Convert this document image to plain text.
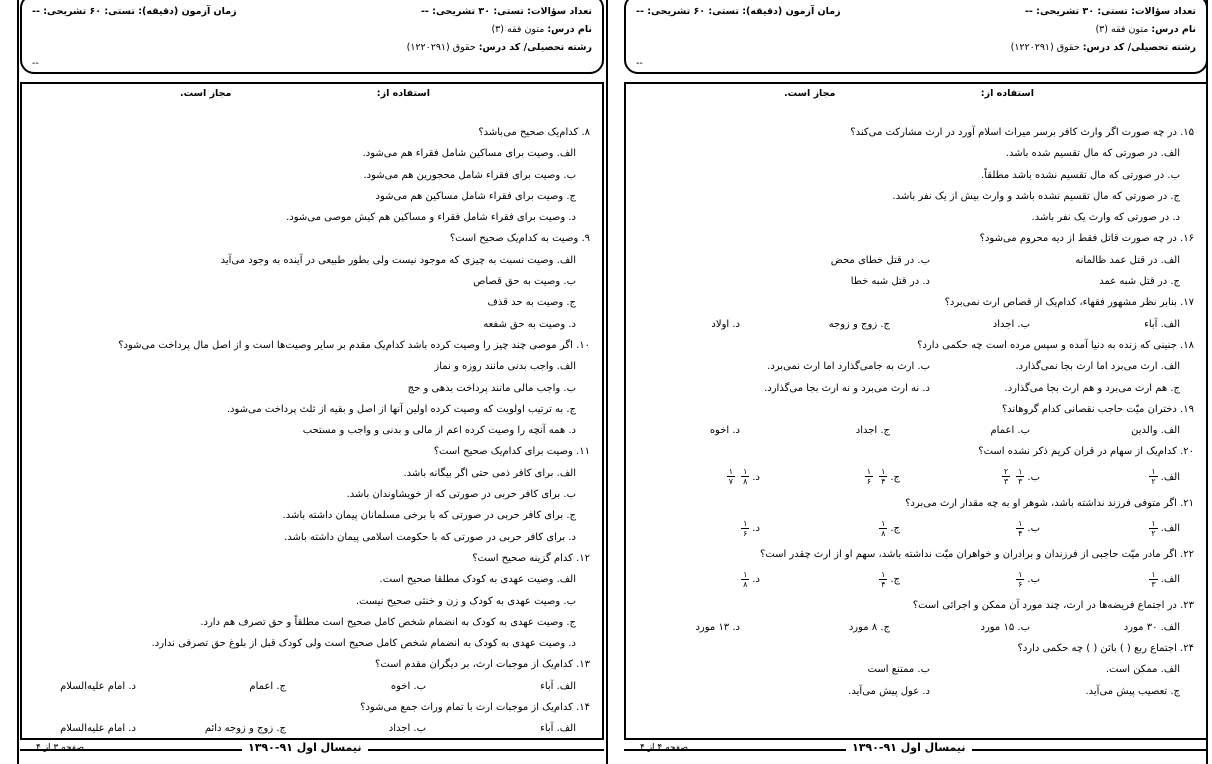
تعداد سؤالات: تستی: ۳۰ تشریحی: --
زمان آزمون (دقیقه): تستی: ۶۰ تشریحی: --
نام درس: متون فقه (۳)
رشته تحصیلی/ کد درس: حقوق (۱۲۲۰۲۹۱)
--
استفاده از:
مجاز است.
۸. کدام‌یک صحیح می‌باشد؟
الف. وصیت برای مساکین شامل فقراء هم می‌شود.
ب. وصیت برای فقراء شامل محجورین هم می‌شود.
ج. وصیت برای فقراء شامل مساکین هم می‌شود
د. وصیت برای فقراء شامل فقراء و مساکین هم کیش موصی می‌شود.
۹. وصیت به کدام‌یک صحیح است؟
الف. وصیت نسبت به چیزی که موجود نیست ولی بطور طبیعی در آینده به وجود می‌آید
ب. وصیت به حق قصاص
ج. وصیت به حد قذف
د. وصیت به حق شفعه
۱۰. اگر موصی چند چیز را وصیت کرده باشد کدام‌یک مقدم بر سایر وصیت‌ها است و از اصل مال پرداخت می‌شود؟
الف. واجب بدنی مانند روزه و نماز
ب. واجب مالی مانند پرداخت بدهی و حج
ج. به ترتیب اولویت که وصیت کرده اولین آنها از اصل و بقیه از ثلث پرداخت می‌شود.
د. همه آنچه را وصیت کرده اعم از مالی و بدنی و واجب و مستحب
۱۱. وصیت برای کدام‌یک صحیح است؟
الف. برای کافر ذمی حتی اگر بیگانه باشد.
ب. برای کافر حربی در صورتی که از خویشاوندان باشد.
ج. برای کافر حربی در صورتی که با برخی مسلمانان پیمان داشته باشد.
د. برای کافر حربی در صورتی که با حکومت اسلامی پیمان داشته باشد.
۱۲. کدام گزینه صحیح است؟
الف. وصیت عهدی به کودک مطلقا صحیح است.
ب. وصیت عهدی به کودک و زن و خنثی صحیح نیست.
ج. وصیت عهدی به کودک به انضمام شخص کامل صحیح است مطلقاً و حق تصرف هم دارد.
د. وصیت عهدی به کودک به انضمام شخص کامل صحیح است ولی کودک قبل از بلوغ حق تصرفی ندارد.
۱۳. کدام‌یک از موجبات ارث، بر دیگران مقدم است؟
الف. آباءب. اخوهج. اعمامد. امام علیه‌السلام
۱۴. کدام‌یک از موجبات ارث با تمام وراث جمع می‌شود؟
الف. آباءب. اجدادج. زوج و زوجه دائمد. امام علیه‌السلام
نیمسال اول ۹۱-۱۳۹۰
صفحه ۳ از ۴
تعداد سؤالات: تستی: ۳۰ تشریحی: --
زمان آزمون (دقیقه): تستی: ۶۰ تشریحی: --
نام درس: متون فقه (۳)
رشته تحصیلی/ کد درس: حقوق (۱۲۲۰۲۹۱)
--
استفاده از:
مجاز است.
۱۵. در چه صورت اگر وارث کافر برسر میراث اسلام آورد در ارث مشارکت می‌کند؟
الف. در صورتی که مال تقسیم شده باشد.
ب. در صورتی که مال تقسیم نشده باشد مطلقاً.
ج. در صورتی که مال تقسیم نشده باشد و وارث بیش از یک نفر باشد.
د. در صورتی که وارث یک نفر باشد.
۱۶. در چه صورت قاتل فقط از دیه محروم می‌شود؟
الف. در قتل عمد ظالمانهب. در قتل خطای محض
ج. در قتل شبه عمدد. در قتل شبه خطا
۱۷. بنابر نظر مشهور فقهاء، کدام‌یک از قصاص ارث نمی‌برد؟
الف. آباءب. اجدادج. زوج و زوجهد. اولاد
۱۸. جنینی که زنده به دنیا آمده و سپس مرده است چه حکمی دارد؟
الف. ارث می‌برد اما ارث بجا نمی‌گذارد.ب. ارث به جامی‌گذارد اما ارث نمی‌برد.
ج. هم ارث می‌برد و هم ارث بجا می‌گذارد.د. نه ارث می‌برد و نه ارث بجا می‌گذارد.
۱۹. دختران میّت حاجب نقصانی کدام گروهاند؟
الف. والدینب. اعمامج. اجدادد. اخوه
۲۰. کدام‌یک از سهام در قران کریم ذکر نشده است؟
الف.
$\frac{۱}{۲}$
ب.
$\frac{۱}{۳}$
$\frac{۲}{۳}$
ج.
$\frac{۱}{۴}$
$\frac{۱}{۶}$
د.
$\frac{۱}{۸}$
$\frac{۱}{۷}$
۲۱. اگر متوفی فرزند نداشته باشد، شوهر او به چه مقدار ارث می‌برد؟
الف.
$\frac{۱}{۲}$
ب.
$\frac{۱}{۴}$
ج.
$\frac{۱}{۸}$
د.
$\frac{۱}{۶}$
۲۲. اگر مادر میّت حاجبی از فرزندان و برادران و خواهران میّت نداشته باشد، سهم او از ارث چقدر است؟
الف.
$\frac{۱}{۳}$
ب.
$\frac{۱}{۶}$
ج.
$\frac{۱}{۴}$
د.
$\frac{۱}{۸}$
۲۳. در اجتماع فریضه‌ها در ارث، چند مورد آن ممکن و اجرائی است؟
الف. ۳۰ موردب. ۱۵ موردج. ۸ موردد. ۱۳ مورد
۲۴. اجتماع ربع ( ) باثن ( ) چه حکمی دارد؟
الف. ممکن است.ب. ممتنع است
ج. تعصیب پیش می‌آید.د. عول پیش می‌آید.
نیمسال اول ۹۱-۱۳۹۰
صفحه ۴ از ۴
